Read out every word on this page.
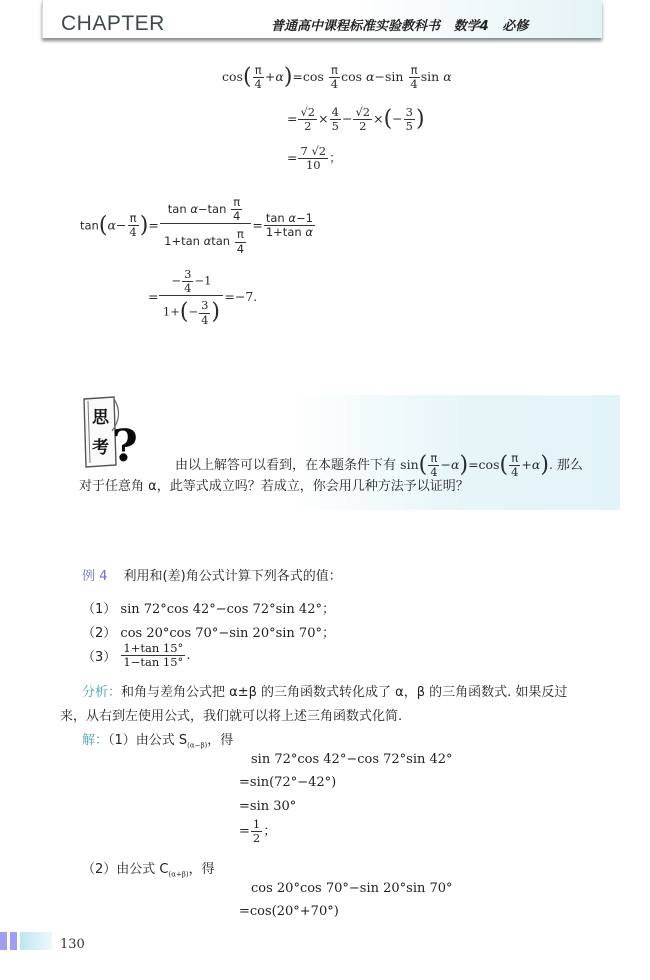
CHAPTER	普通高中课程标准实验教科书   数学4   必修
$\cos( \frac{\pi}{4} +\alpha)=\cos \frac{\pi}{4}$ $\cos \alpha-\sin \frac{\pi}{4}$ sin α
= $\frac{√2}{2} \times \frac{4}{5} - \frac{√2}{2}$ ×(− $\frac{3}{5}$ )
= $\frac{7 √2}{10}$ ；
$\tan(\alpha- \frac{\pi}{4}$ )= $\frac{\tan \alpha-\tan \frac{\pi}{4}}{1+\tan \alpha\tan \frac{\pi}{4}} = \frac{\text{tan α−1}}{\text{1+tan α}}$
= $\frac{- \frac{3}{4} -1}{1+(- \frac{3}{4} )} =-7$.
思
考 ?	由以上解答可以看到，在本题条件下有 $\sin( \frac{\pi}{4} -\alpha)=\cos( \frac{\pi}{4} +\alpha)$. 那么
对于任意角 α，此等式成立吗？若成立，你会用几种方法予以证明？
例 4 利用和(差)角公式计算下列各式的值：
（1） sin 72°cos 42°−cos 72°sin 42°；
（2） cos 20°cos 70°−sin 20°sin 70°；
$(3) \frac{1+\tan 15^\circ}{1-\tan 15^\circ}$ .
分析：和角与差角公式把 α±β 的三角函数式转化成了 α，β 的三角函数式. 如果反过
来，从右到左使用公式，我们就可以将上述三角函数式化简.
解：（1）由公式 $S_{(\alpha-\beta)}$，得
sin 72°cos 42°−cos 72°sin 42°
=sin(72°−42°)
=sin 30°
= $\frac{1}{2}$ ；
（2）由公式 $C_{(\alpha+\beta)}$，得
cos 20°cos 70°−sin 20°sin 70°
=cos(20°+70°)
130
